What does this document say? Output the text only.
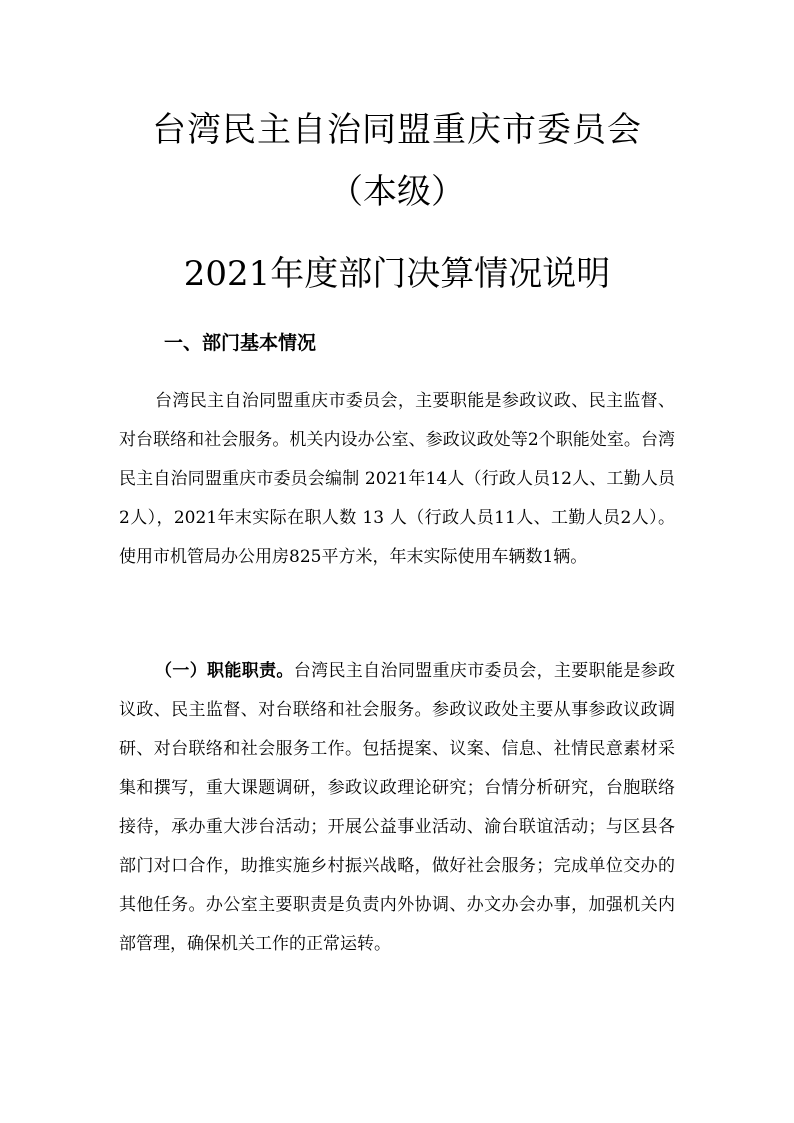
台湾民主自治同盟重庆市委员会
（本级）
2021年度部门决算情况说明
一、部门基本情况

台湾民主自治同盟重庆市委员会，主要职能是参政议政、民主监督、对台联络和社会服务。机关内设办公室、参政议政处等2个职能处室。台湾民主自治同盟重庆市委员会编制 2021年14人（行政人员12人、工勤人员2人），2021年末实际在职人数 13 人（行政人员11人、工勤人员2人）。使用市机管局办公用房825平方米，年末实际使用车辆数1辆。

（一）职能职责。台湾民主自治同盟重庆市委员会，主要职能是参政议政、民主监督、对台联络和社会服务。参政议政处主要从事参政议政调研、对台联络和社会服务工作。包括提案、议案、信息、社情民意素材采集和撰写，重大课题调研，参政议政理论研究；台情分析研究，台胞联络接待，承办重大涉台活动；开展公益事业活动、渝台联谊活动；与区县各部门对口合作，助推实施乡村振兴战略，做好社会服务；完成单位交办的其他任务。办公室主要职责是负责内外协调、办文办会办事，加强机关内部管理，确保机关工作的正常运转。
